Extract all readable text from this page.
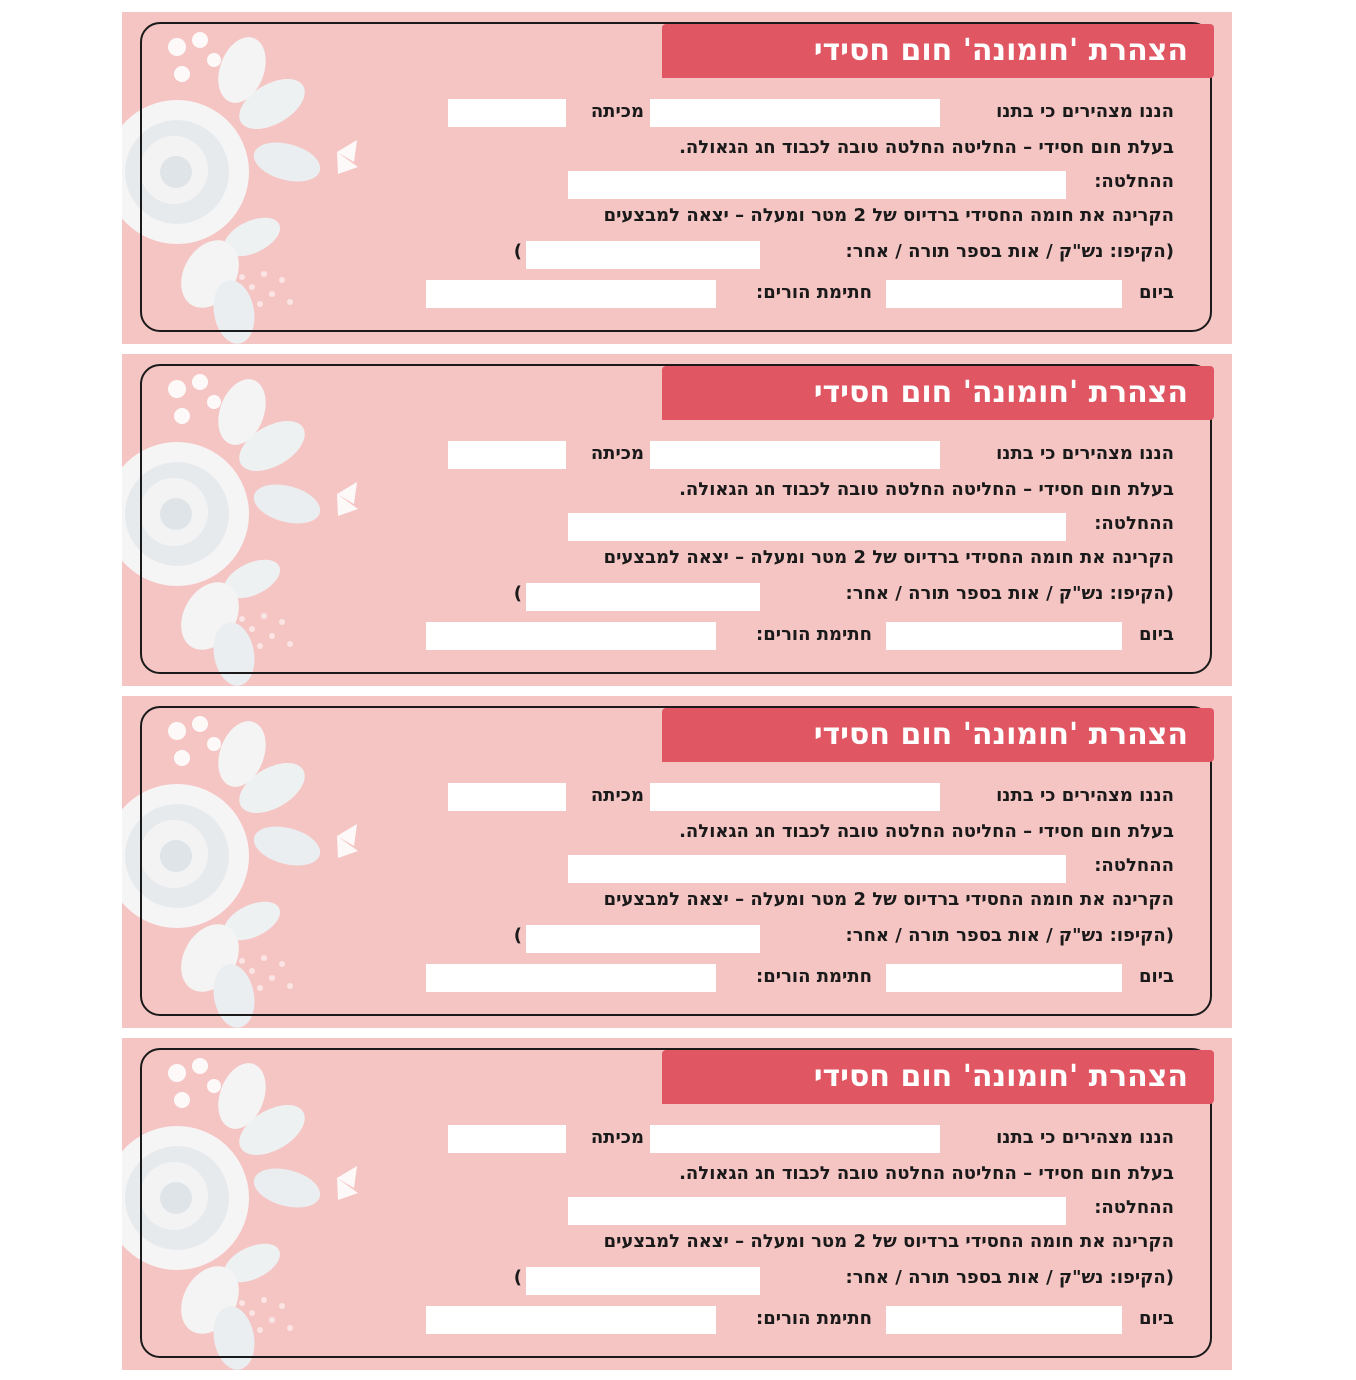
הצהרת 'חומונה' חום חסידי
הננו מצהירים כי בתנו
מכיתה
בעלת חום חסידי – החליטה החלטה טובה לכבוד חג הגאולה.
ההחלטה:
הקרינה את חומה החסידי ברדיוס של 2 מטר ומעלה – יצאה למבצעים
(הקיפו: נש"ק / אות בספר תורה / אחר:
)
ביום
חתימת הורים:
הצהרת 'חומונה' חום חסידי
הננו מצהירים כי בתנו
מכיתה
בעלת חום חסידי – החליטה החלטה טובה לכבוד חג הגאולה.
ההחלטה:
הקרינה את חומה החסידי ברדיוס של 2 מטר ומעלה – יצאה למבצעים
(הקיפו: נש"ק / אות בספר תורה / אחר:
)
ביום
חתימת הורים:
הצהרת 'חומונה' חום חסידי
הננו מצהירים כי בתנו
מכיתה
בעלת חום חסידי – החליטה החלטה טובה לכבוד חג הגאולה.
ההחלטה:
הקרינה את חומה החסידי ברדיוס של 2 מטר ומעלה – יצאה למבצעים
(הקיפו: נש"ק / אות בספר תורה / אחר:
)
ביום
חתימת הורים:
הצהרת 'חומונה' חום חסידי
הננו מצהירים כי בתנו
מכיתה
בעלת חום חסידי – החליטה החלטה טובה לכבוד חג הגאולה.
ההחלטה:
הקרינה את חומה החסידי ברדיוס של 2 מטר ומעלה – יצאה למבצעים
(הקיפו: נש"ק / אות בספר תורה / אחר:
)
ביום
חתימת הורים:
